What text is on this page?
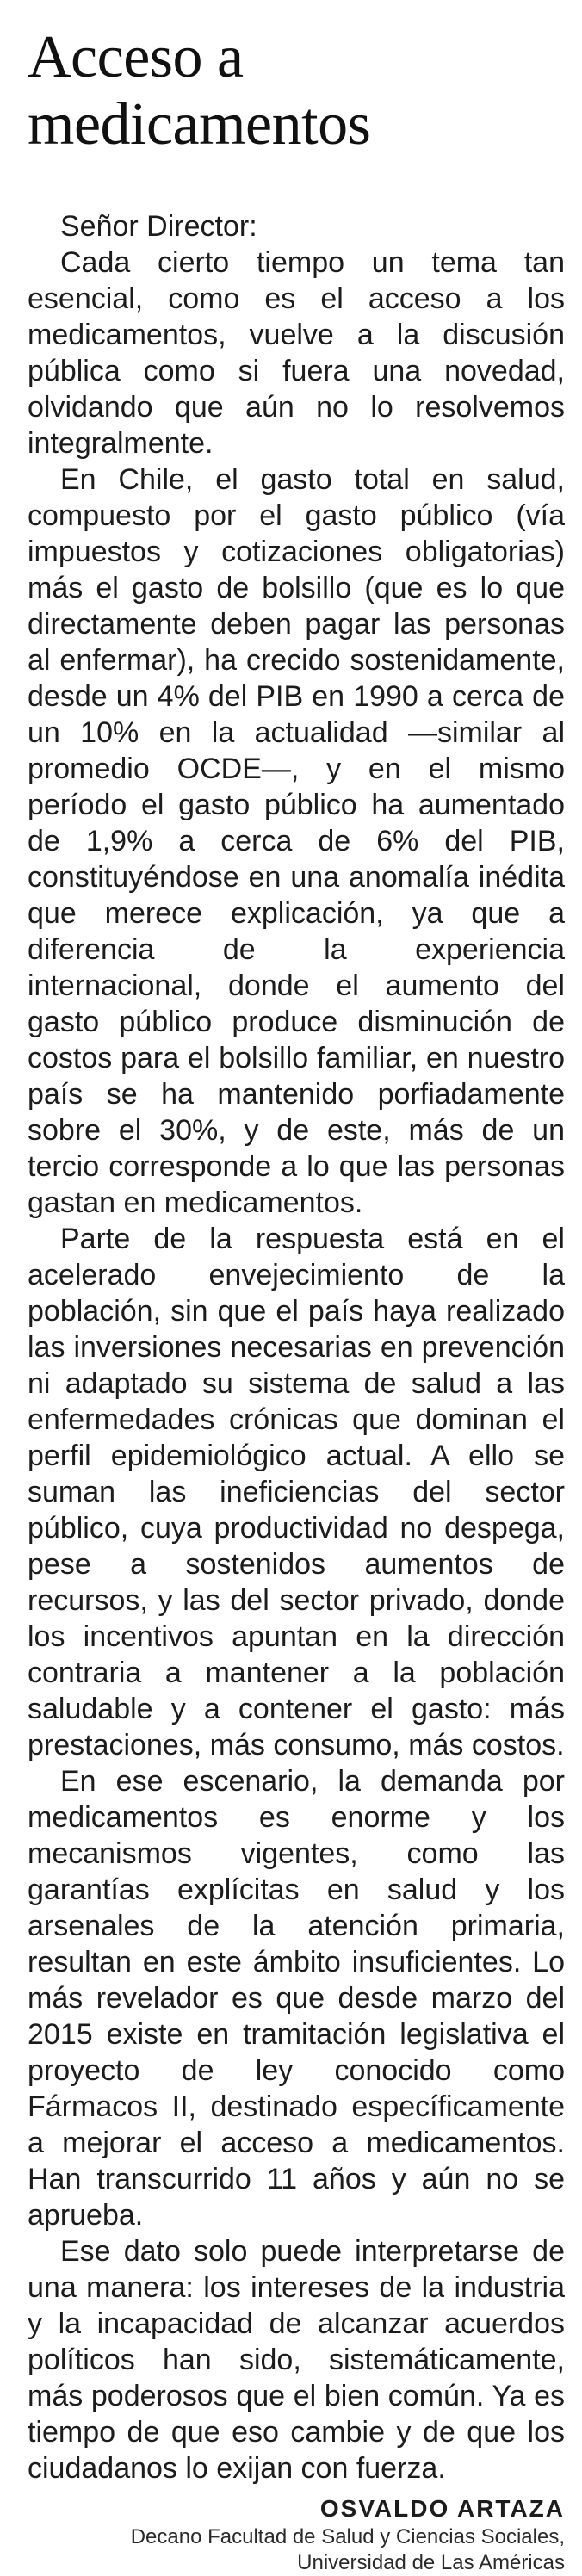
Acceso a medicamentos

Señor Director:

Cada cierto tiempo un tema tan esencial, como es el acceso a los medicamentos, vuelve a la discusión pública como si fuera una novedad, olvidando que aún no lo resolvemos integralmente.

En Chile, el gasto total en salud, compuesto por el gasto público (vía impuestos y cotizaciones obligatorias) más el gasto de bolsillo (que es lo que directamente deben pagar las personas al enfermar), ha crecido sostenidamente, desde un 4% del PIB en 1990 a cerca de un 10% en la actualidad —similar al promedio OCDE—, y en el mismo período el gasto público ha aumentado de 1,9% a cerca de 6% del PIB, constituyéndose en una anomalía inédita que merece explicación, ya que a diferencia de la experiencia internacional, donde el aumento del gasto público produce disminución de costos para el bolsillo familiar, en nuestro país se ha mantenido porfiadamente sobre el 30%, y de este, más de un tercio corresponde a lo que las personas gastan en medicamentos.

Parte de la respuesta está en el acelerado envejecimiento de la población, sin que el país haya realizado las inversiones necesarias en prevención ni adaptado su sistema de salud a las enfermedades crónicas que dominan el perfil epidemiológico actual. A ello se suman las ineficiencias del sector público, cuya productividad no despega, pese a sostenidos aumentos de recursos, y las del sector privado, donde los incentivos apuntan en la dirección contraria a mantener a la población saludable y a contener el gasto: más prestaciones, más consumo, más costos.

En ese escenario, la demanda por medicamentos es enorme y los mecanismos vigentes, como las garantías explícitas en salud y los arsenales de la atención primaria, resultan en este ámbito insuficientes. Lo más revelador es que desde marzo del 2015 existe en tramitación legislativa el proyecto de ley conocido como Fármacos II, destinado específicamente a mejorar el acceso a medicamentos. Han transcurrido 11 años y aún no se aprueba.

Ese dato solo puede interpretarse de una manera: los intereses de la industria y la incapacidad de alcanzar acuerdos políticos han sido, sistemáticamente, más poderosos que el bien común. Ya es tiempo de que eso cambie y de que los ciudadanos lo exijan con fuerza.

OSVALDO ARTAZA
Decano Facultad de Salud y Ciencias Sociales,
Universidad de Las Américas
